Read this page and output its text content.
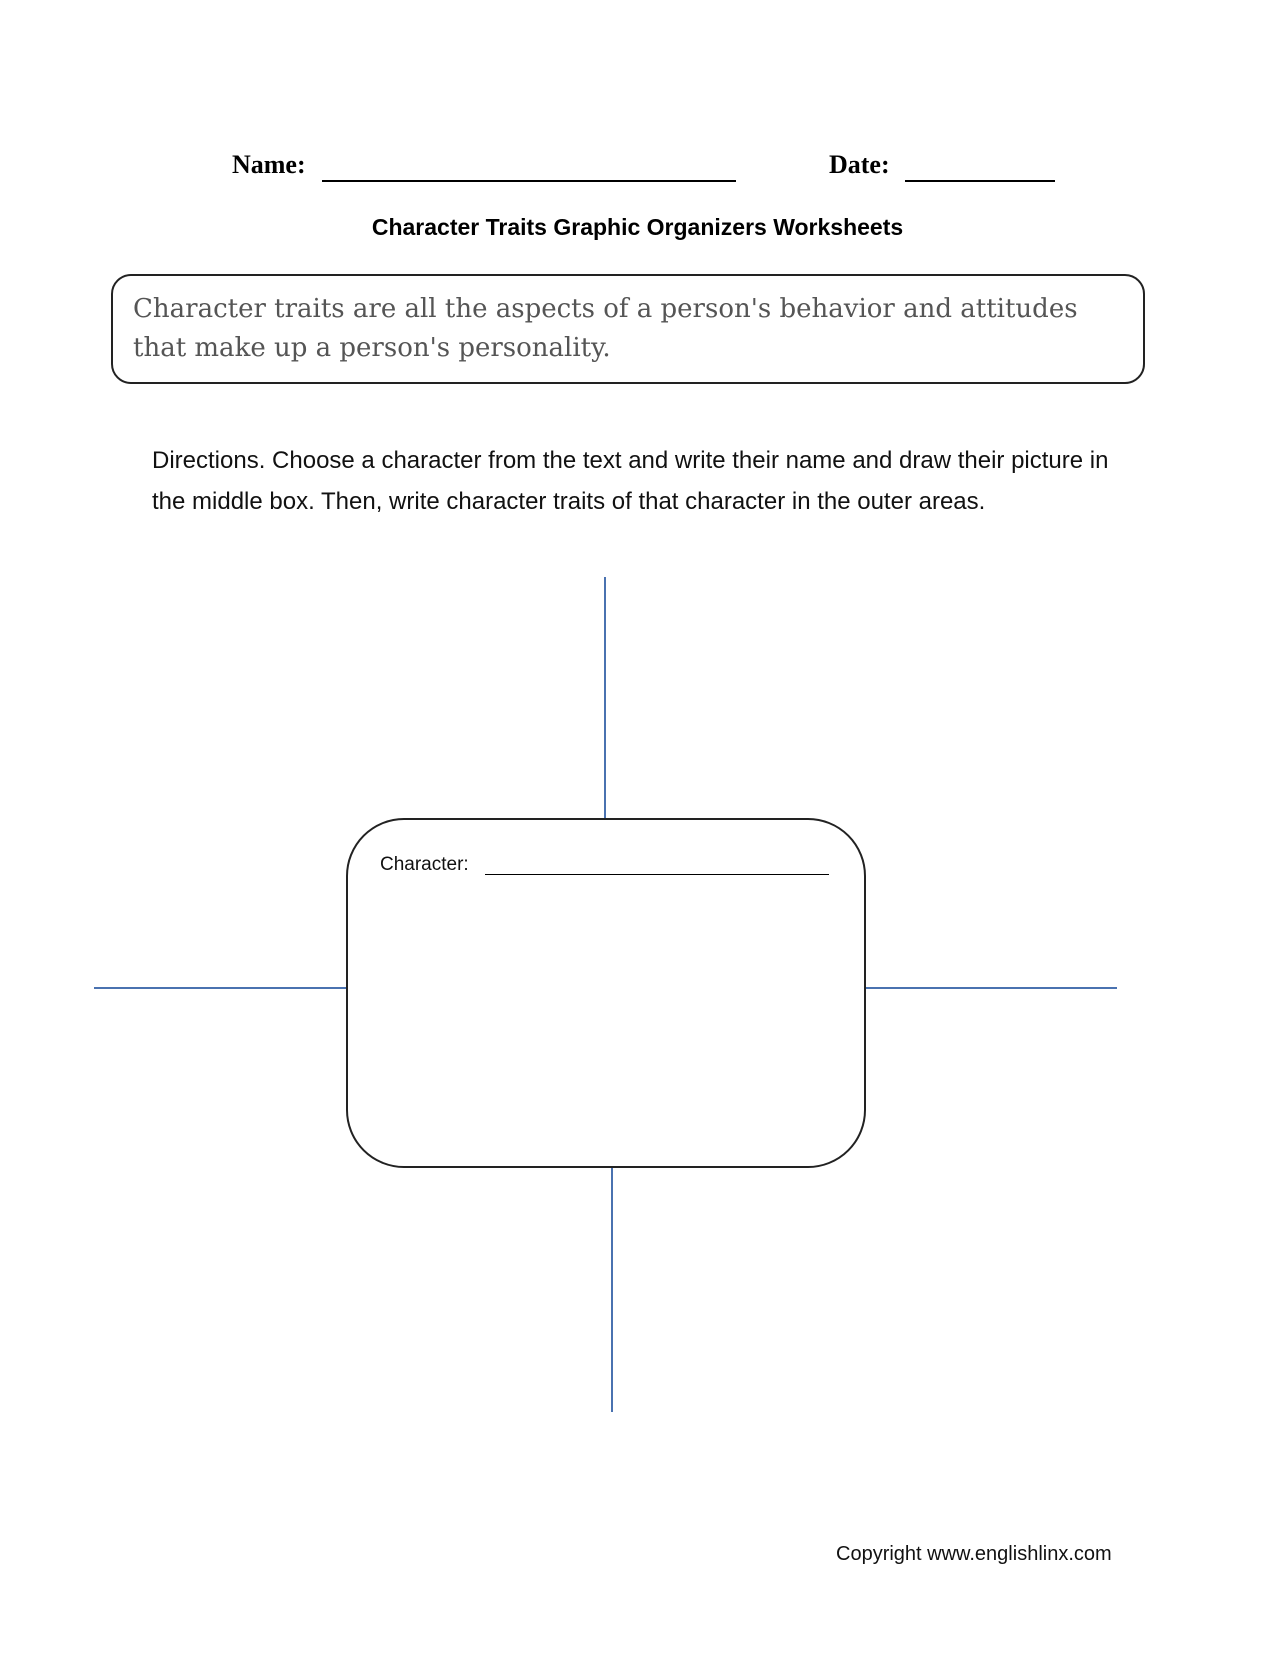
Name:	Date:
Character Traits Graphic Organizers Worksheets
Character traits are all the aspects of a person's behavior and attitudes that make up a person's personality.
Directions. Choose a character from the text and write their name and draw their picture in the middle box. Then, write character traits of that character in the outer areas.
Character:
Copyright www.englishlinx.com
